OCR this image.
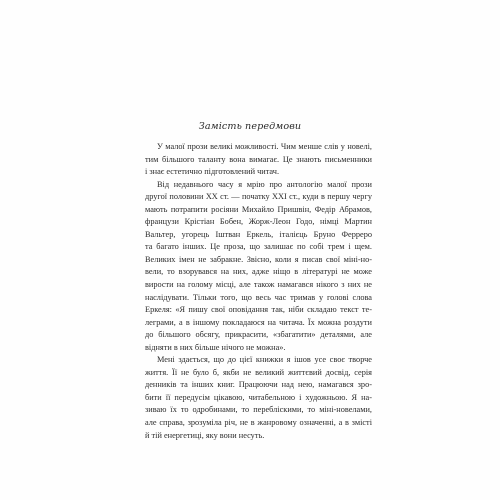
Замість передмови

У малої прози великі можливості. Чим менше слів у новелі,
тим більшого таланту вона вимагає. Це знають письменники
і знає естетично підготовлений читач.

Від недавнього часу я мрію про антологію малої прози
другої половини XX ст. — початку XXI ст., куди в першу чергу
мають потрапити росіяни Михайло Пришвін, Федір Абрамов,
французи Крістіан Бобен, Жорж-Леон Годо, німці Мартин
Вальтер, угорець Іштван Еркель, італієць Бруно Ферреро
та багато інших. Це проза, що залишає по собі трем і щем.
Великих імен не забракне. Звісно, коли я писав свої міні-но-
вели, то взорувався на них, адже ніщо в літературі не може
вирости на голому місці, але також намагався нікого з них не
наслідувати. Тільки того, що весь час тримав у голові слова
Еркеля: «Я пишу свої оповідання так, ніби складаю текст те-
леграми, а в іншому покладаюся на читача. Їх можна роздути
до більшого обсягу, прикрасити, «збагатити» деталями, але
відняти в них більше нічого не можна».

Мені здається, що до цієї книжки я ішов усе своє творче
життя. Її не було б, якби не великий життєвий досвід, серія
денників та інших книг. Працюючи над нею, намагався зро-
бити її передусім цікавою, читабельною і художньою. Я на-
зиваю їх то одробинами, то перебліскими, то міні-новелами,
але справа, зрозуміла річ, не в жанровому означенні, а в змісті
й тій енергетиці, яку вони несуть.
